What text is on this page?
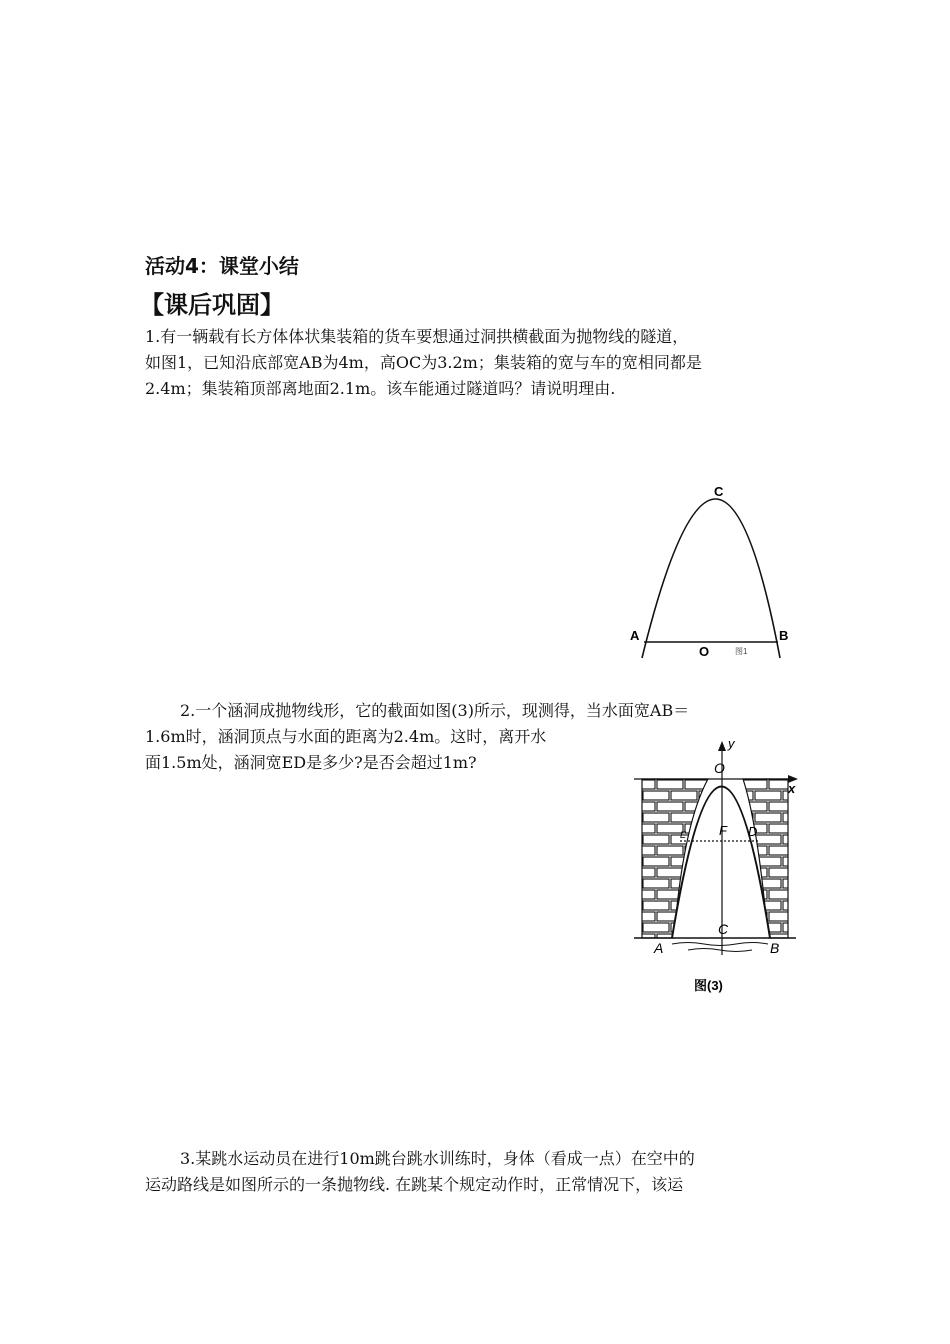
活动4：课堂小结
【课后巩固】

1.有一辆载有长方体体状集装箱的货车要想通过洞拱横截面为抛物线的隧道，

如图1，已知沿底部宽AB为4m，高OC为3.2m；集装箱的宽与车的宽相同都是

2.4m；集装箱顶部离地面2.1m。该车能通过隧道吗？请说明理由.

A	B
C
O	图1

2.一个涵洞成抛物线形，它的截面如图(3)所示，现测得，当水面宽AB＝

1.6m时，涵洞顶点与水面的距离为2.4m。这时，离开水

面1.5m处，涵洞宽ED是多少?是否会超过1m?

y
x
O
F D
E
C
A	B
图(3)

3.某跳水运动员在进行10m跳台跳水训练时，身体（看成一点）在空中的

运动路线是如图所示的一条抛物线. 在跳某个规定动作时，正常情况下，该运
